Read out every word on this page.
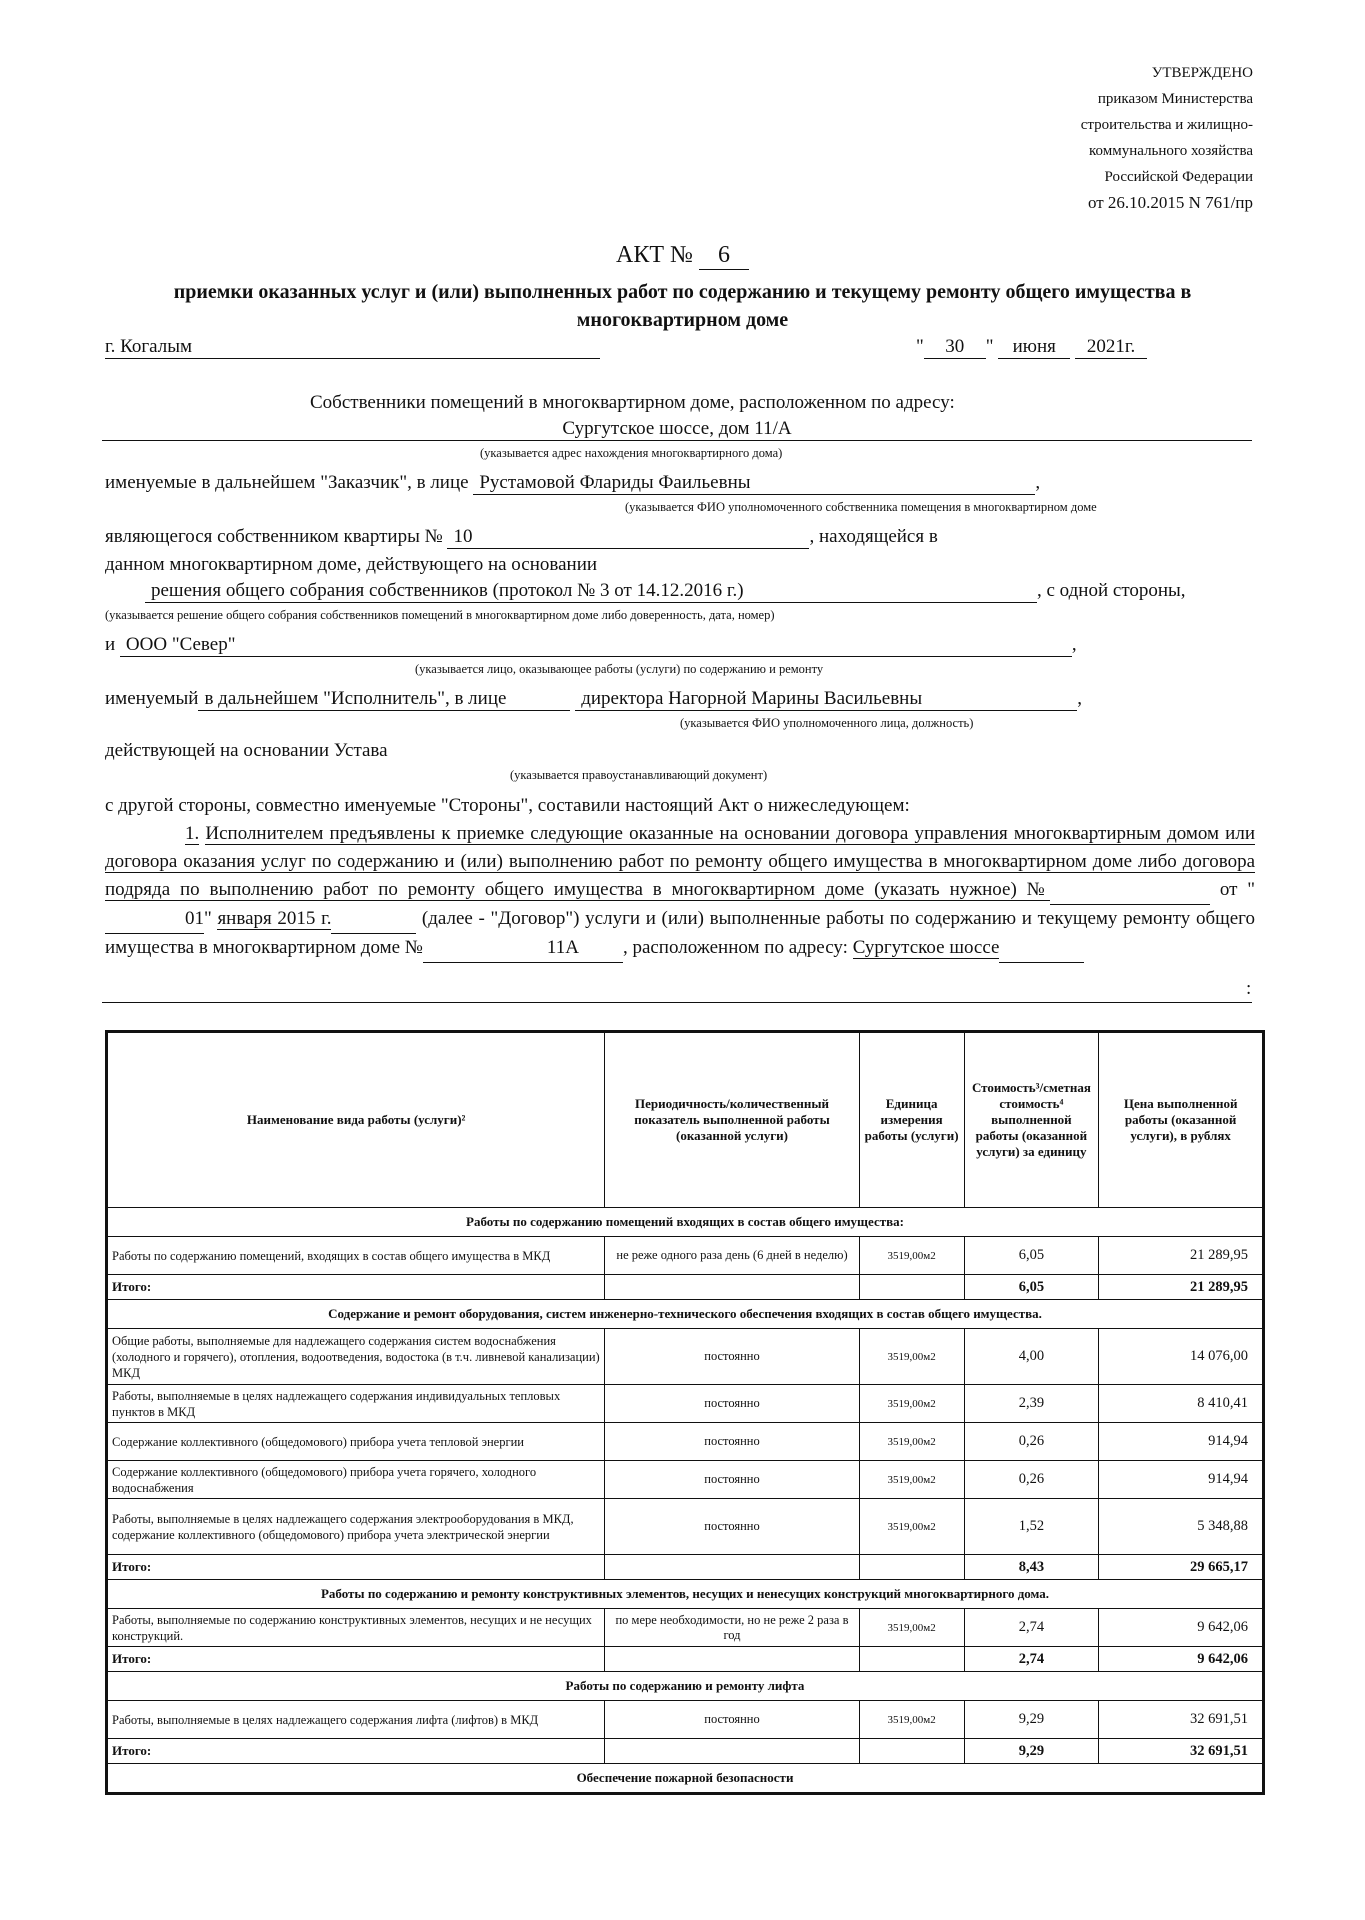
УТВЕРЖДЕНО
приказом Министерства
строительства и жилищно-
коммунального хозяйства
Российской Федерации
от 26.10.2015 N 761/пр
АКТ № 6
приемки оказанных услуг и (или) выполненных работ по содержанию и текущему ремонту общего имущества в многоквартирном доме
г. Когалым	" 30 " июня 2021г.
Собственники помещений в многоквартирном доме, расположенном по адресу:
Сургутское шоссе, дом 11/А
(указывается адрес нахождения многоквартирного дома)
именуемые в дальнейшем "Заказчик", в лице Рустамовой Флариды Фаильевны	,
(указывается ФИО уполномоченного собственника помещения в многоквартирном доме
являющегося собственником квартиры № 10	, находящейся в
данном многоквартирном доме, действующего на основании
решения общего собрания собственников (протокол № 3 от 14.12.2016 г.)	, с одной стороны,
(указывается решение общего собрания собственников помещений в многоквартирном доме либо доверенность, дата, номер)
и ООО "Север"	,
(указывается лицо, оказывающее работы (услуги) по содержанию и ремонту
именуемый в дальнейшем "Исполнитель", в лице	директора Нагорной Марины Васильевны	,
(указывается ФИО уполномоченного лица, должность)
действующей на основании Устава
(указывается правоустанавливающий документ)
с другой стороны, совместно именуемые "Стороны", составили настоящий Акт о нижеследующем:
1. Исполнителем предъявлены к приемке следующие оказанные на основании договора управления многоквартирным домом или договора оказания услуг по содержанию и (или) выполнению работ по ремонту общего имущества в многоквартирном доме либо договора подряда по выполнению работ по ремонту общего имущества в многоквартирном доме (указать нужное) №	от "01" января 2015 г.	(далее - "Договор") услуги и (или) выполненные работы по содержанию и текущему ремонту общего имущества в многоквартирном доме №	11А , расположенном по адресу: Сургутское шоссе
:
Наименование вида работы (услуги)²	Периодичность/количественный показатель выполненной работы (оказанной услуги)	Единица измерения работы (услуги)	Стоимость³/сметная стоимость⁴ выполненной работы (оказанной услуги) за единицу	Цена выполненной работы (оказанной услуги), в рублях
Работы по содержанию помещений входящих в состав общего имущества:				
Работы по содержанию помещений, входящих в состав общего имущества в МКД	не реже одного раза день (6 дней в неделю)	3519,00м2	6,05	21 289,95
Итого:			6,05	21 289,95
Содержание и ремонт оборудования, систем инженерно-технического обеспечения входящих в состав общего имущества.				
Общие работы, выполняемые для надлежащего содержания систем водоснабжения (холодного и горячего), отопления, водоотведения, водостока (в т.ч. ливневой канализации) МКД	постоянно	3519,00м2	4,00	14 076,00
Работы, выполняемые в целях надлежащего содержания индивидуальных тепловых пунктов в МКД	постоянно	3519,00м2	2,39	8 410,41
Содержание коллективного (общедомового) прибора учета тепловой энергии	постоянно	3519,00м2	0,26	914,94
Содержание коллективного (общедомового) прибора учета горячего, холодного водоснабжения	постоянно	3519,00м2	0,26	914,94
Работы, выполняемые в целях надлежащего содержания электрооборудования в МКД, содержание коллективного (общедомового) прибора учета электрической энергии	постоянно	3519,00м2	1,52	5 348,88
Итого:			8,43	29 665,17
Работы по содержанию и ремонту конструктивных элементов, несущих и ненесущих конструкций многоквартирного дома.				
Работы, выполняемые по содержанию конструктивных элементов, несущих и не несущих конструкций.	по мере необходимости, но не реже 2 раза в год	3519,00м2	2,74	9 642,06
Итого:			2,74	9 642,06
Работы по содержанию и ремонту лифта				
Работы, выполняемые в целях надлежащего содержания лифта (лифтов) в МКД	постоянно	3519,00м2	9,29	32 691,51
Итого:			9,29	32 691,51
Обеспечение пожарной безопасности				
